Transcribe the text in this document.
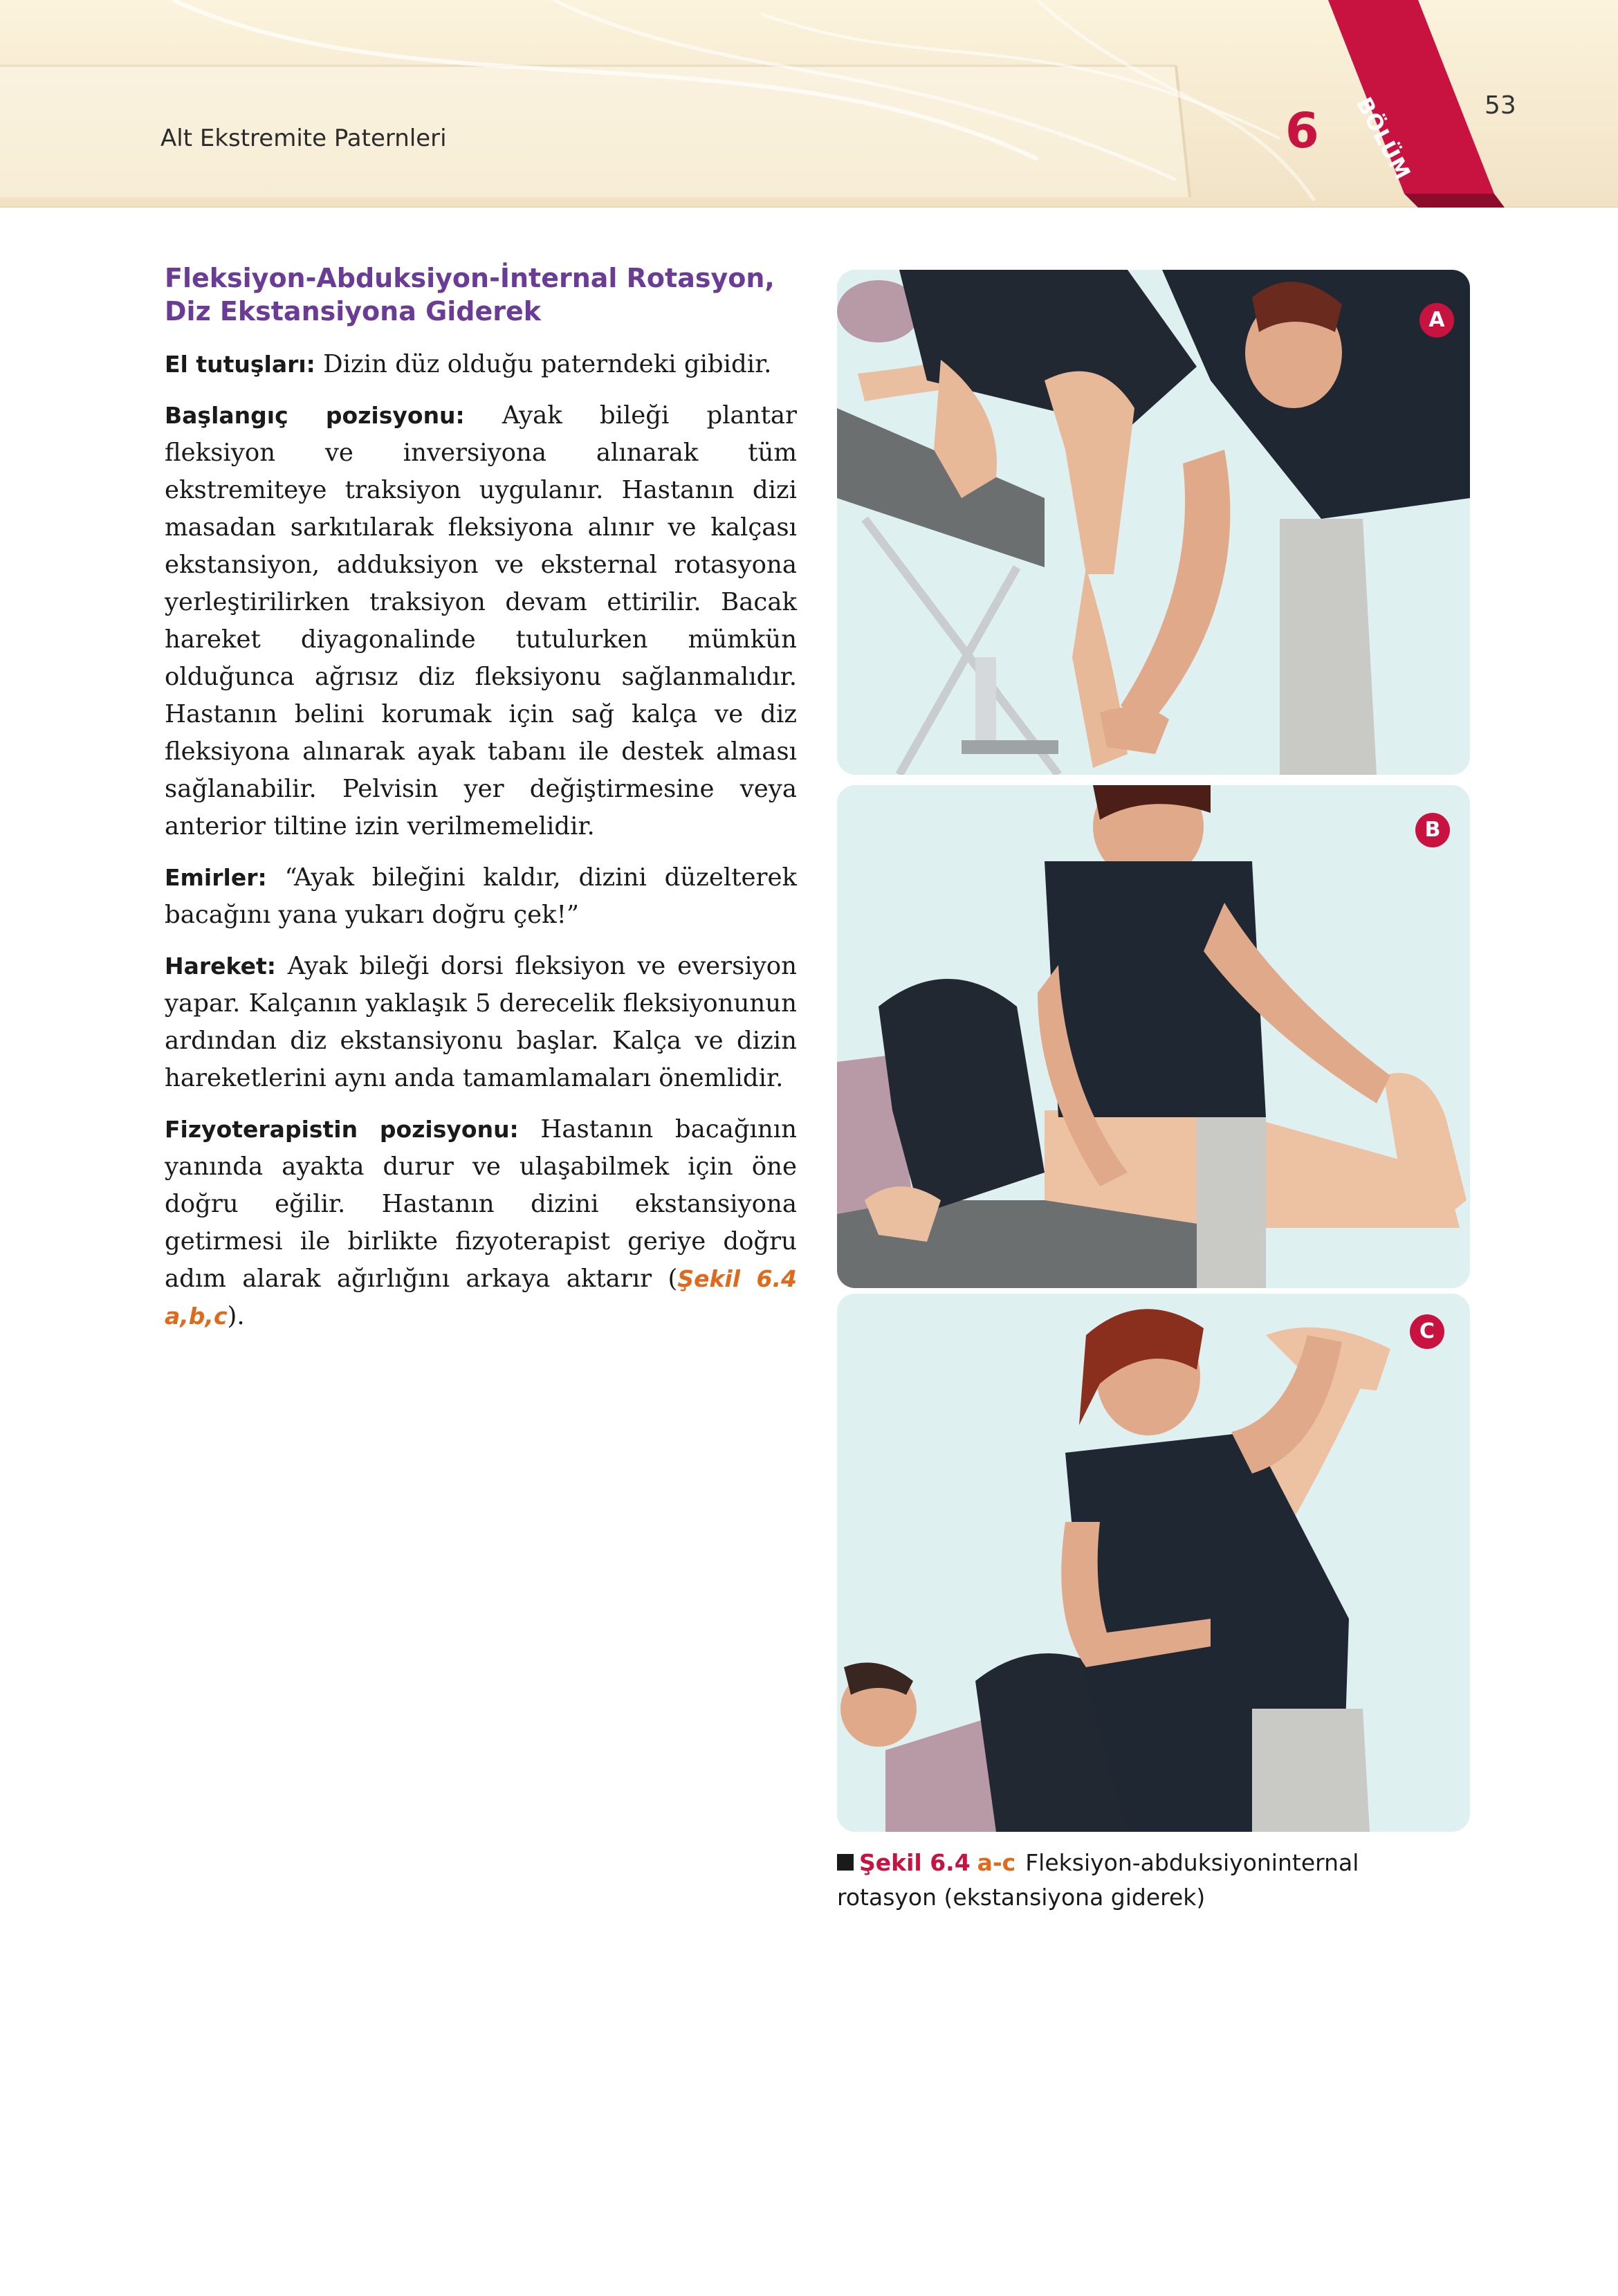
Alt Ekstremite Paternleri	6 BÖLÜM	53
Fleksiyon-Abduksiyon-İnternal Rotasyon,
Diz Ekstansiyona Giderek

El tutuşları: Dizin düz olduğu paterndeki gibidir.

Başlangıç pozisyonu: Ayak bileği plantar fleksiyon ve inversiyona alınarak tüm ekstremiteye traksiyon uygulanır. Hastanın dizi masadan sarkıtılarak fleksiyona alınır ve kalçası ekstansiyon, adduksiyon ve eksternal rotasyona yerleştirilirken traksiyon devam ettirilir. Bacak hareket diyagonalinde tutulurken mümkün olduğunca ağrısız diz fleksiyonu sağlanmalıdır. Hastanın belini korumak için sağ kalça ve diz fleksiyona alınarak ayak tabanı ile destek alması sağlanabilir. Pelvisin yer değiştirmesine veya anterior tiltine izin verilmemelidir.

Emirler: “Ayak bileğini kaldır, dizini düzelterek bacağını yana yukarı doğru çek!”

Hareket: Ayak bileği dorsi fleksiyon ve eversiyon yapar. Kalçanın yaklaşık 5 derecelik fleksiyonunun ardından diz ekstansiyonu başlar. Kalça ve dizin hareketlerini aynı anda tamamlamaları önemlidir.

Fizyoterapistin pozisyonu: Hastanın bacağının yanında ayakta durur ve ulaşabilmek için öne doğru eğilir. Hastanın dizini ekstansiyona getirmesi ile birlikte fizyoterapist geriye doğru adım alarak ağırlığını arkaya aktarır (Şekil 6.4 a,b,c).

A
B
C
Şekil 6.4 a-c Fleksiyon-abduksiyoninternal rotasyon (ekstansiyona giderek)
